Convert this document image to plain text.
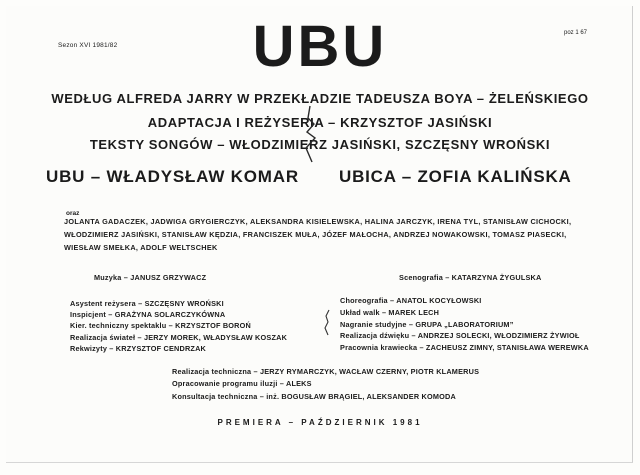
Sezon XVI 1981/82
poz 1 67
UBU
WEDŁUG ALFREDA JARRY W PRZEKŁADZIE TADEUSZA BOYA – ŻELEŃSKIEGO
ADAPTACJA I REŻYSERIA – KRZYSZTOF JASIŃSKI
TEKSTY SONGÓW – WŁODZIMIERZ JASIŃSKI, SZCZĘSNY WROŃSKI
UBU – WŁADYSŁAW KOMAR UBICA – ZOFIA KALIŃSKA
oraz
JOLANTA GADACZEK, JADWIGA GRYGIERCZYK, ALEKSANDRA KISIELEWSKA, HALINA JARCZYK, IRENA TYL, STANISŁAW CICHOCKI,
WŁODZIMIERZ JASIŃSKI, STANISŁAW KĘDZIA, FRANCISZEK MUŁA, JÓZEF MAŁOCHA, ANDRZEJ NOWAKOWSKI, TOMASZ PIASECKI,
WIESŁAW SMEŁKA, ADOLF WELTSCHEK
Muzyka – JANUSZ GRZYWACZ	Scenografia – KATARZYNA ŻYGULSKA
Asystent reżysera – SZCZĘSNY WROŃSKI
Inspicjent – GRAŻYNA SOLARCZYKÓWNA
Kier. techniczny spektaklu – KRZYSZTOF BOROŃ
Realizacja świateł – JERZY MOREK, WŁADYSŁAW KOSZAK
Rekwizyty – KRZYSZTOF CENDRZAK
Choreografia – ANATOL KOCYŁOWSKI
Układ walk – MAREK LECH
Nagranie studyjne – GRUPA „LABORATORIUM”
Realizacja dźwięku – ANDRZEJ SOLECKI, WŁODZIMIERZ ŻYWIOŁ
Pracownia krawiecka – ZACHEUSZ ZIMNY, STANISŁAWA WEREWKA
Realizacja techniczna – JERZY RYMARCZYK, WACŁAW CZERNY, PIOTR KLAMERUS
Opracowanie programu iluzji – ALEKS
Konsultacja techniczna – inż. BOGUSŁAW BRĄGIEL, ALEKSANDER KOMODA
PREMIERA – PAŹDZIERNIK 1981
